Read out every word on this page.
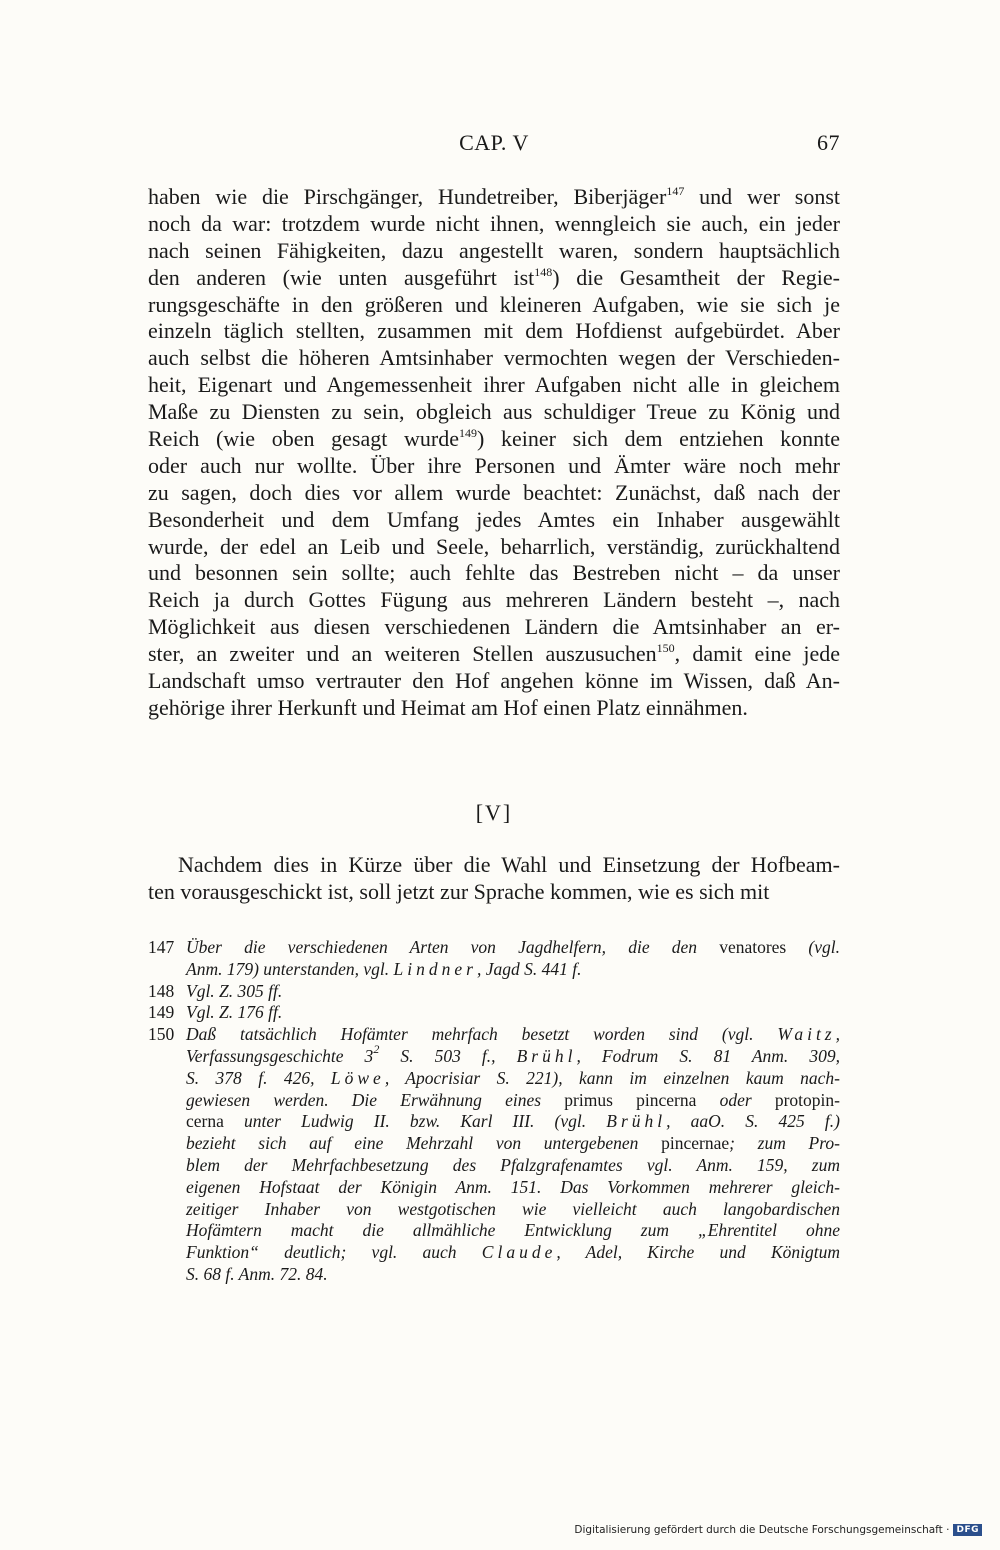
CAP. V	67
haben wie die Pirschgänger, Hundetreiber, Biberjäger$^{147}$ und wer sonst
noch da war: trotzdem wurde nicht ihnen, wenngleich sie auch, ein jeder
nach seinen Fähigkeiten, dazu angestellt waren, sondern hauptsächlich
den anderen (wie unten ausgeführt ist$^{148}$) die Gesamtheit der Regie-
rungsgeschäfte in den größeren und kleineren Aufgaben, wie sie sich je
einzeln täglich stellten, zusammen mit dem Hofdienst aufgebürdet. Aber
auch selbst die höheren Amtsinhaber vermochten wegen der Verschieden-
heit, Eigenart und Angemessenheit ihrer Aufgaben nicht alle in gleichem
Maße zu Diensten zu sein, obgleich aus schuldiger Treue zu König und
Reich (wie oben gesagt wurde$^{149}$) keiner sich dem entziehen konnte
oder auch nur wollte. Über ihre Personen und Ämter wäre noch mehr
zu sagen, doch dies vor allem wurde beachtet: Zunächst, daß nach der
Besonderheit und dem Umfang jedes Amtes ein Inhaber ausgewählt
wurde, der edel an Leib und Seele, beharrlich, verständig, zurückhaltend
und besonnen sein sollte; auch fehlte das Bestreben nicht – da unser
Reich ja durch Gottes Fügung aus mehreren Ländern besteht –, nach
Möglichkeit aus diesen verschiedenen Ländern die Amtsinhaber an er-
ster, an zweiter und an weiteren Stellen auszusuchen$^{150}$, damit eine jede
Landschaft umso vertrauter den Hof angehen könne im Wissen, daß An-
gehörige ihrer Herkunft und Heimat am Hof einen Platz einnähmen.
[V]
Nachdem dies in Kürze über die Wahl und Einsetzung der Hofbeam-
ten vorausgeschickt ist, soll jetzt zur Sprache kommen, wie es sich mit
147 Über die verschiedenen Arten von Jagdhelfern, die den venatores (vgl.
Anm. 179) unterstanden, vgl. Lindner, Jagd S. 441 f.
148 Vgl. Z. 305 ff.
149 Vgl. Z. 176 ff.
150 Daß tatsächlich Hofämter mehrfach besetzt worden sind (vgl. Waitz,
Verfassungsgeschichte $3^2$ S. 503 f., Brühl, Fodrum S. 81 Anm. 309,
S. 378 f. 426, Löwe, Apocrisiar S. 221), kann im einzelnen kaum nach-
gewiesen werden. Die Erwähnung eines primus pincerna oder protopin-
cerna unter Ludwig II. bzw. Karl III. (vgl. Brühl, aaO. S. 425 f.)
bezieht sich auf eine Mehrzahl von untergebenen pincernae; zum Pro-
blem der Mehrfachbesetzung des Pfalzgrafenamtes vgl. Anm. 159, zum
eigenen Hofstaat der Königin Anm. 151. Das Vorkommen mehrerer gleich-
zeitiger Inhaber von westgotischen wie vielleicht auch langobardischen
Hofämtern macht die allmähliche Entwicklung zum „Ehrentitel ohne
Funktion“ deutlich; vgl. auch Claude, Adel, Kirche und Königtum
S. 68 f. Anm. 72. 84.
Digitalisierung gefördert durch die Deutsche Forschungsgemeinschaft · DFG
